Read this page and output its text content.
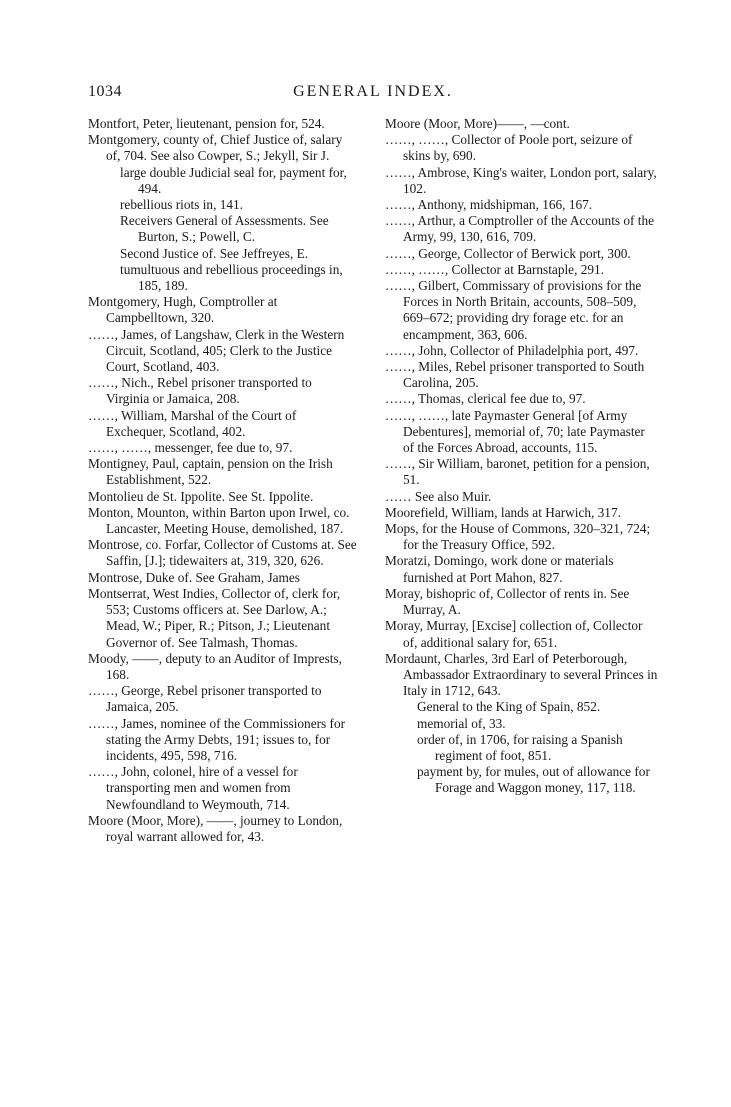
1034	GENERAL INDEX.

Montfort, Peter, lieutenant, pension for, 524.

Montgomery, county of, Chief Justice of, salary of, 704. See also Cowper, S.; Jekyll, Sir J.

large double Judicial seal for, payment for, 494.

rebellious riots in, 141.

Receivers General of Assessments. See Burton, S.; Powell, C.

Second Justice of. See Jeffreyes, E.

tumultuous and rebellious proceedings in, 185, 189.

Montgomery, Hugh, Comptroller at Campbelltown, 320.

……, James, of Langshaw, Clerk in the Western Circuit, Scotland, 405; Clerk to the Justice Court, Scotland, 403.

……, Nich., Rebel prisoner transported to Virginia or Jamaica, 208.

……, William, Marshal of the Court of Exchequer, Scotland, 402.

……, ……, messenger, fee due to, 97.

Montigney, Paul, captain, pension on the Irish Establishment, 522.

Montolieu de St. Ippolite. See St. Ippolite.

Monton, Mounton, within Barton upon Irwel, co. Lancaster, Meeting House, demolished, 187.

Montrose, co. Forfar, Collector of Customs at. See Saffin, [J.]; tidewaiters at, 319, 320, 626.

Montrose, Duke of. See Graham, James

Montserrat, West Indies, Collector of, clerk for, 553; Customs officers at. See Darlow, A.; Mead, W.; Piper, R.; Pitson, J.; Lieutenant Governor of. See Talmash, Thomas.

Moody, ——, deputy to an Auditor of Imprests, 168.

……, George, Rebel prisoner transported to Jamaica, 205.

……, James, nominee of the Commissioners for stating the Army Debts, 191; issues to, for incidents, 495, 598, 716.

……, John, colonel, hire of a vessel for transporting men and women from Newfoundland to Weymouth, 714.

Moore (Moor, More), ——, journey to London, royal warrant allowed for, 43.

Moore (Moor, More)——, —cont.

……, ……, Collector of Poole port, seizure of skins by, 690.

……, Ambrose, King's waiter, London port, salary, 102.

……, Anthony, midshipman, 166, 167.

……, Arthur, a Comptroller of the Accounts of the Army, 99, 130, 616, 709.

……, George, Collector of Berwick port, 300.

……, ……, Collector at Barnstaple, 291.

……, Gilbert, Commissary of provisions for the Forces in North Britain, accounts, 508–509, 669–672; providing dry forage etc. for an encampment, 363, 606.

……, John, Collector of Philadelphia port, 497.

……, Miles, Rebel prisoner transported to South Carolina, 205.

……, Thomas, clerical fee due to, 97.

……, ……, late Paymaster General [of Army Debentures], memorial of, 70; late Paymaster of the Forces Abroad, accounts, 115.

……, Sir William, baronet, petition for a pension, 51.

…… See also Muir.

Moorefield, William, lands at Harwich, 317.

Mops, for the House of Commons, 320–321, 724; for the Treasury Office, 592.

Moratzi, Domingo, work done or materials furnished at Port Mahon, 827.

Moray, bishopric of, Collector of rents in. See Murray, A.

Moray, Murray, [Excise] collection of, Collector of, additional salary for, 651.

Mordaunt, Charles, 3rd Earl of Peterborough, Ambassador Extraordinary to several Princes in Italy in 1712, 643.

General to the King of Spain, 852.

memorial of, 33.

order of, in 1706, for raising a Spanish regiment of foot, 851.

payment by, for mules, out of allowance for Forage and Waggon money, 117, 118.
